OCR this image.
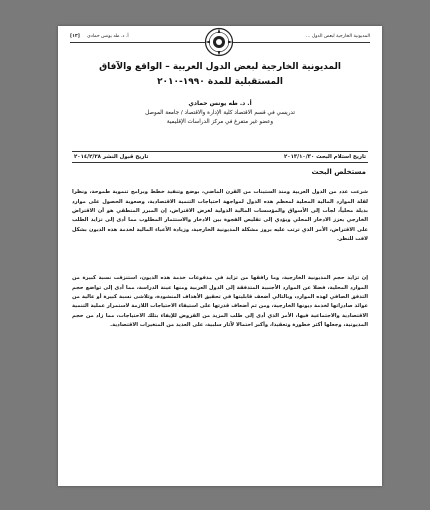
المديونية الخارجية لبعض الدول ...
أ. د. طه يونس حمادي     [١٣]
المديونية الخارجية لبعض الدول العربية – الواقع والآفاق
المستقبلية للمدة ١٩٩٠-٢٠١٠
أ. د. طه يونس حمادي
تدريسي في قسم الاقتصاد كلية الإدارة والاقتصاد / جامعة الموصل
وعضو غير متفرغ في مركز الدراسات الإقليمية
تاريخ استلام البحث ٢٠١٣/١٠/٣٠
تاريخ قبول النشر ٢٠١٤/٢/٢٨
مستخلص البحث

شرعت عدد من الدول العربية ومنذ الستينات من القرن الماضي، بوضع وتنفيذ خطط وبرامج تنموية طموحة، ونظرا لقلة الموارد المالية المحلية لمعظم هذه الدول لمواجهة احتياجات التنمية الاقتصادية، وصعوبة الحصول على موارد بديلة محلياً، لجأت إلى الأسواق والمؤسسات المالية الدولية لغرض الاقتراض، إن المبرر المنطقي هو أن الاقتراض الخارجي يعزز الادخار المحلي ويؤدي إلى تقليص الفجوة بين الادخار والاستثمار المطلوب مما أدى إلى تزايد الطلب على الاقتراض، الأمر الذي ترتب عليه بروز مشكلة المديونية الخارجية، وزيادة الأعباء المالية لخدمة هذه الديون بشكل لافت للنظر.

إن تزايد حجم المديونية الخارجية، وما رافقها من تزايد في مدفوعات خدمة هذه الديون، استنزفت نسبة كبيرة من الموارد المحلية، فضلا عن الموارد الأجنبية المتدفقة إلى الدول العربية ومنها عينة الدراسة، مما أدى إلى تواضع حجم التدفق الصافي لهذه الموارد، وبالتالي أضعف قابليتها في تحقيق الأهداف المنشودة، وتلاشى نسبة كبيرة أو عالية من عوائد صادراتها لخدمة ديونها الخارجية، ومن ثم أضعاف قدرتها على استيفاء الاحتياجات اللازمة لاستمرار عملية التنمية الاقتصادية والاجتماعية فيها، الأمر الذي أدى إلى طلب المزيد من القروض للإيفاء بتلك الاحتياجات، مما زاد من حجم المديونية، وجعلها أكثر خطورة وتعقيدا، وأكبر احتمالا لآثار سلبية، على العديد من المتغيرات الاقتصادية.
